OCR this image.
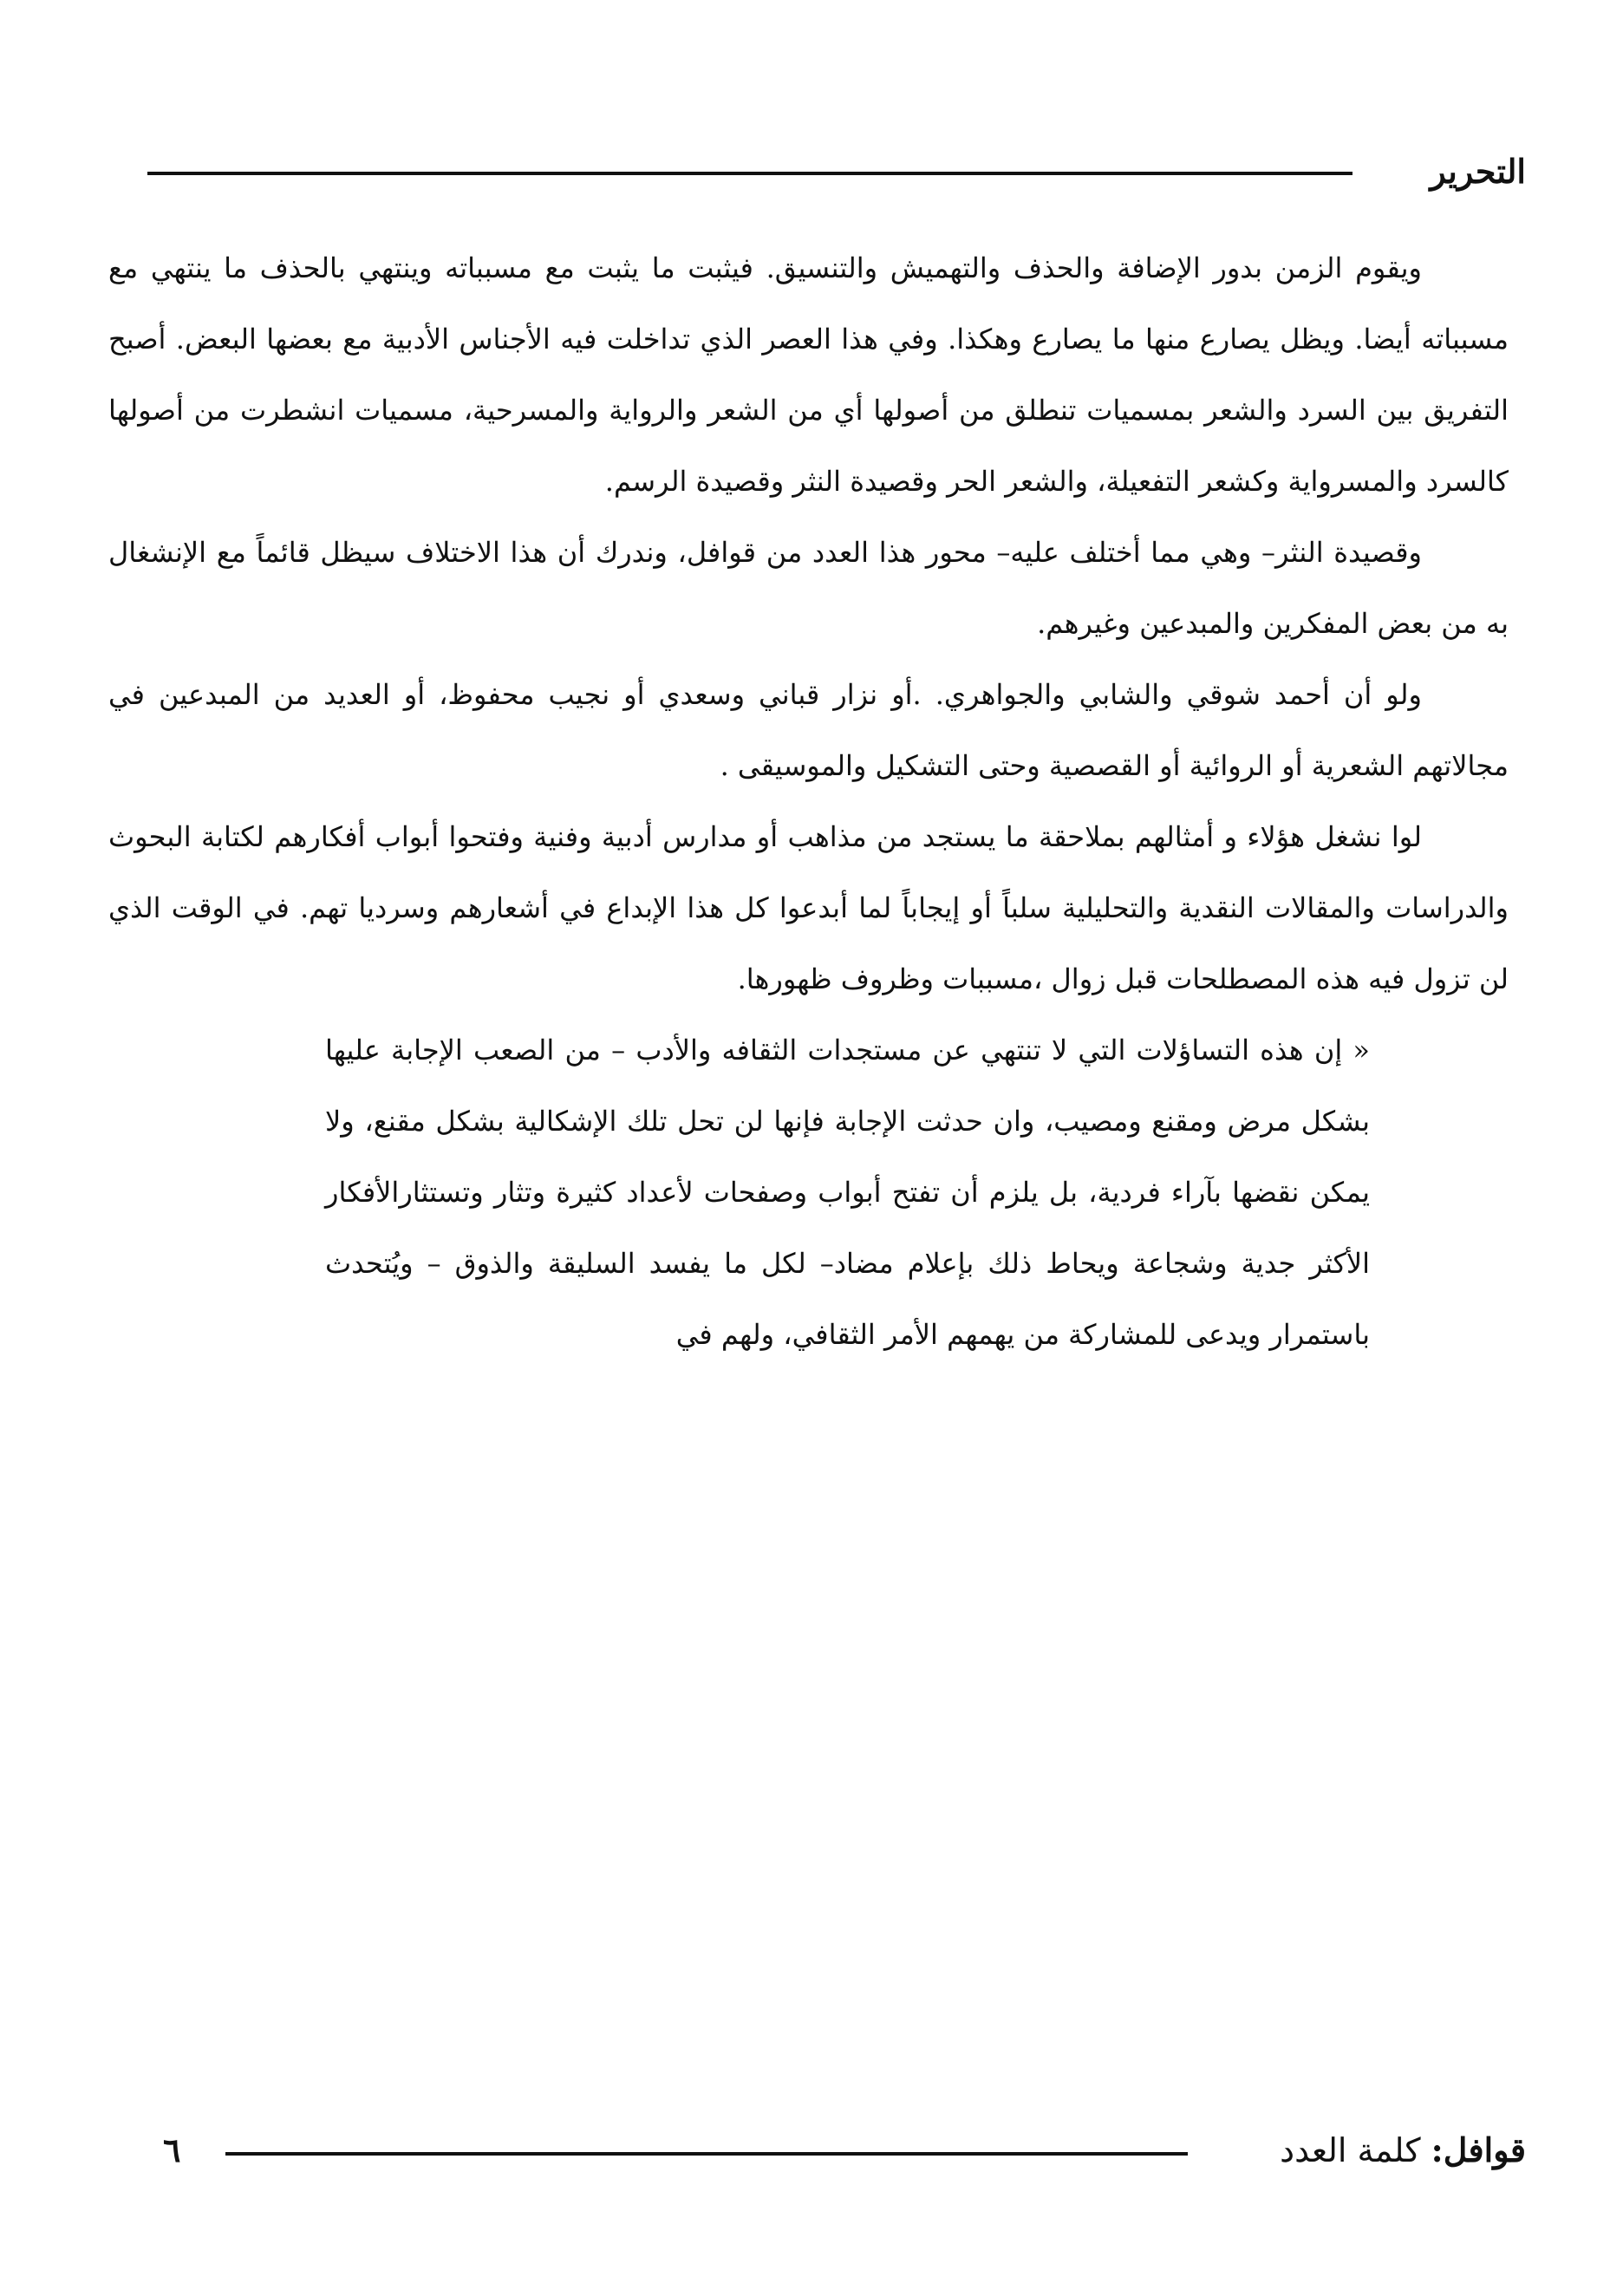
التحرير

ويقوم الزمن بدور الإضافة والحذف والتهميش والتنسيق. فيثبت ما يثبت مع مسبباته وينتهي بالحذف ما ينتهي مع مسبباته أيضا. ويظل يصارع منها ما يصارع وهكذا. وفي هذا العصر الذي تداخلت فيه الأجناس الأدبية مع بعضها البعض. أصبح التفريق بين السرد والشعر بمسميات تنطلق من أصولها أي من الشعر والرواية والمسرحية، مسميات انشطرت من أصولها كالسرد والمسرواية وكشعر التفعيلة، والشعر الحر وقصيدة النثر وقصيدة الرسم.

وقصيدة النثر– وهي مما أختلف عليه– محور هذا العدد من قوافل، وندرك أن هذا الاختلاف سيظل قائماً مع الإنشغال به من بعض المفكرين والمبدعين وغيرهم.

ولو أن أحمد شوقي والشابي والجواهري. .أو نزار قباني وسعدي أو نجيب محفوظ، أو العديد من المبدعين في مجالاتهم الشعرية أو الروائية أو القصصية وحتى التشكيل والموسيقى .

لوا نشغل هؤلاء و أمثالهم بملاحقة ما يستجد من مذاهب أو مدارس أدبية وفنية وفتحوا أبواب أفكارهم لكتابة البحوث والدراسات والمقالات النقدية والتحليلية سلباً أو إيجاباً لما أبدعوا كل هذا الإبداع في أشعارهم وسرديا تهم. في الوقت الذي لن تزول فيه هذه المصطلحات قبل زوال ،مسببات وظروف ظهورها.

« إن هذه التساؤلات التي لا تنتهي عن مستجدات الثقافه والأدب – من الصعب الإجابة عليها بشكل مرض ومقنع ومصيب، وان حدثت الإجابة فإنها لن تحل تلك الإشكالية بشكل مقنع، ولا يمكن نقضها بآراء فردية، بل يلزم أن تفتح أبواب وصفحات لأعداد كثيرة وتثار وتستثارالأفكار الأكثر جدية وشجاعة ويحاط ذلك بإعلام مضاد– لكل ما يفسد السليقة والذوق – ويُتحدث باستمرار ويدعى للمشاركة من يهمهم الأمر الثقافي، ولهم في

٦	قوافل: كلمة العدد
